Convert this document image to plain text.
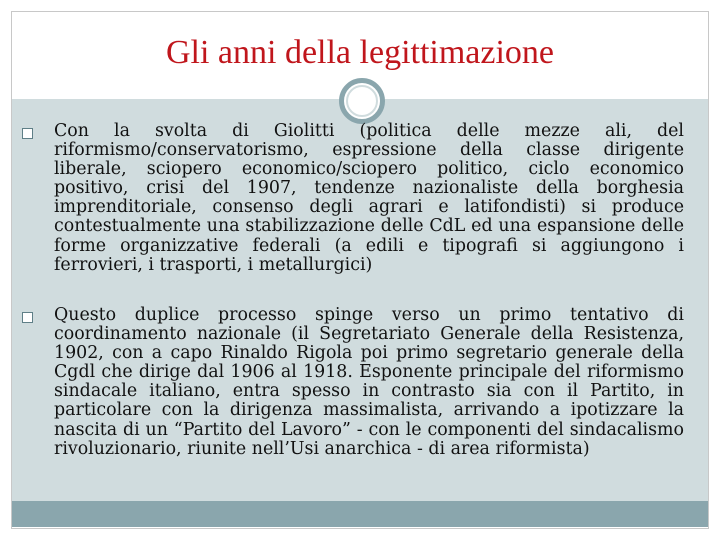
Gli anni della legittimazione
Con la svolta di Giolitti (politica delle mezze ali, del riformismo/conservatorismo, espressione della classe dirigente liberale, sciopero economico/sciopero politico, ciclo economico positivo, crisi del 1907, tendenze nazionaliste della borghesia imprenditoriale, consenso degli agrari e latifondisti) si produce contestualmente una stabilizzazione delle CdL ed una espansione delle forme organizzative federali (a edili e tipografi si aggiungono i ferrovieri, i trasporti, i metallurgici)
Questo duplice processo spinge verso un primo tentativo di coordinamento nazionale (il Segretariato Generale della Resistenza, 1902, con a capo Rinaldo Rigola poi primo segretario generale della Cgdl che dirige dal 1906 al 1918. Esponente principale del riformismo sindacale italiano, entra spesso in contrasto sia con il Partito, in particolare con la dirigenza massimalista, arrivando a ipotizzare la nascita di un “Partito del Lavoro” - con le componenti del sindacalismo rivoluzionario, riunite nell’Usi anarchica - di area riformista)
